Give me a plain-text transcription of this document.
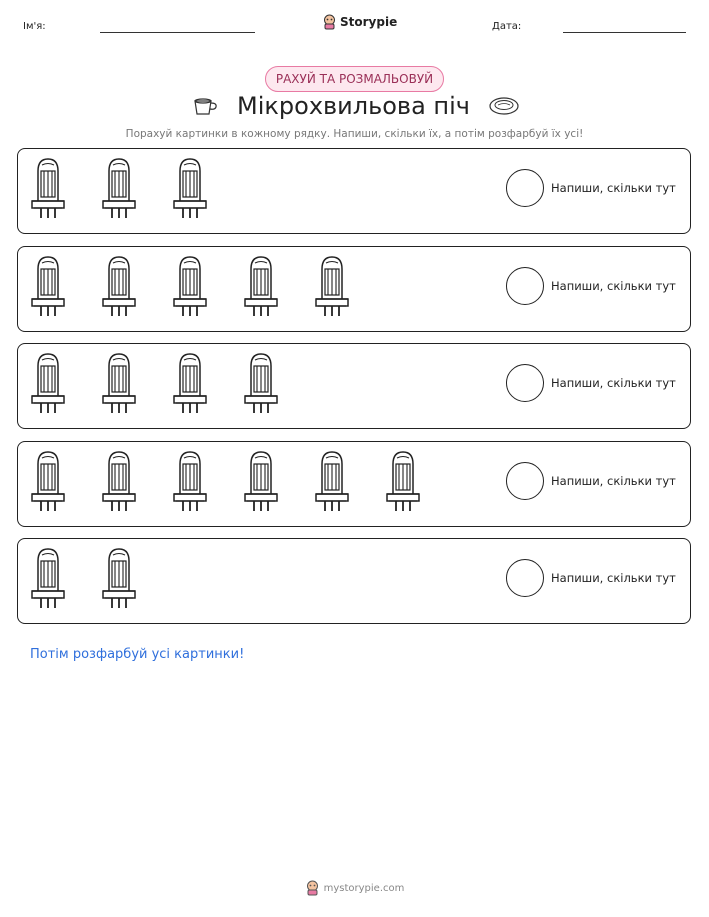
Ім'я:	Storypie	Дата:
РАХУЙ ТА РОЗМАЛЬОВУЙ
Мікрохвильова піч
Порахуй картинки в кожному рядку. Напиши, скільки їх, а потім розфарбуй їх усі!
Напиши, скільки тут
Напиши, скільки тут
Напиши, скільки тут
Напиши, скільки тут
Напиши, скільки тут
Потім розфарбуй усі картинки!
mystorypie.com
